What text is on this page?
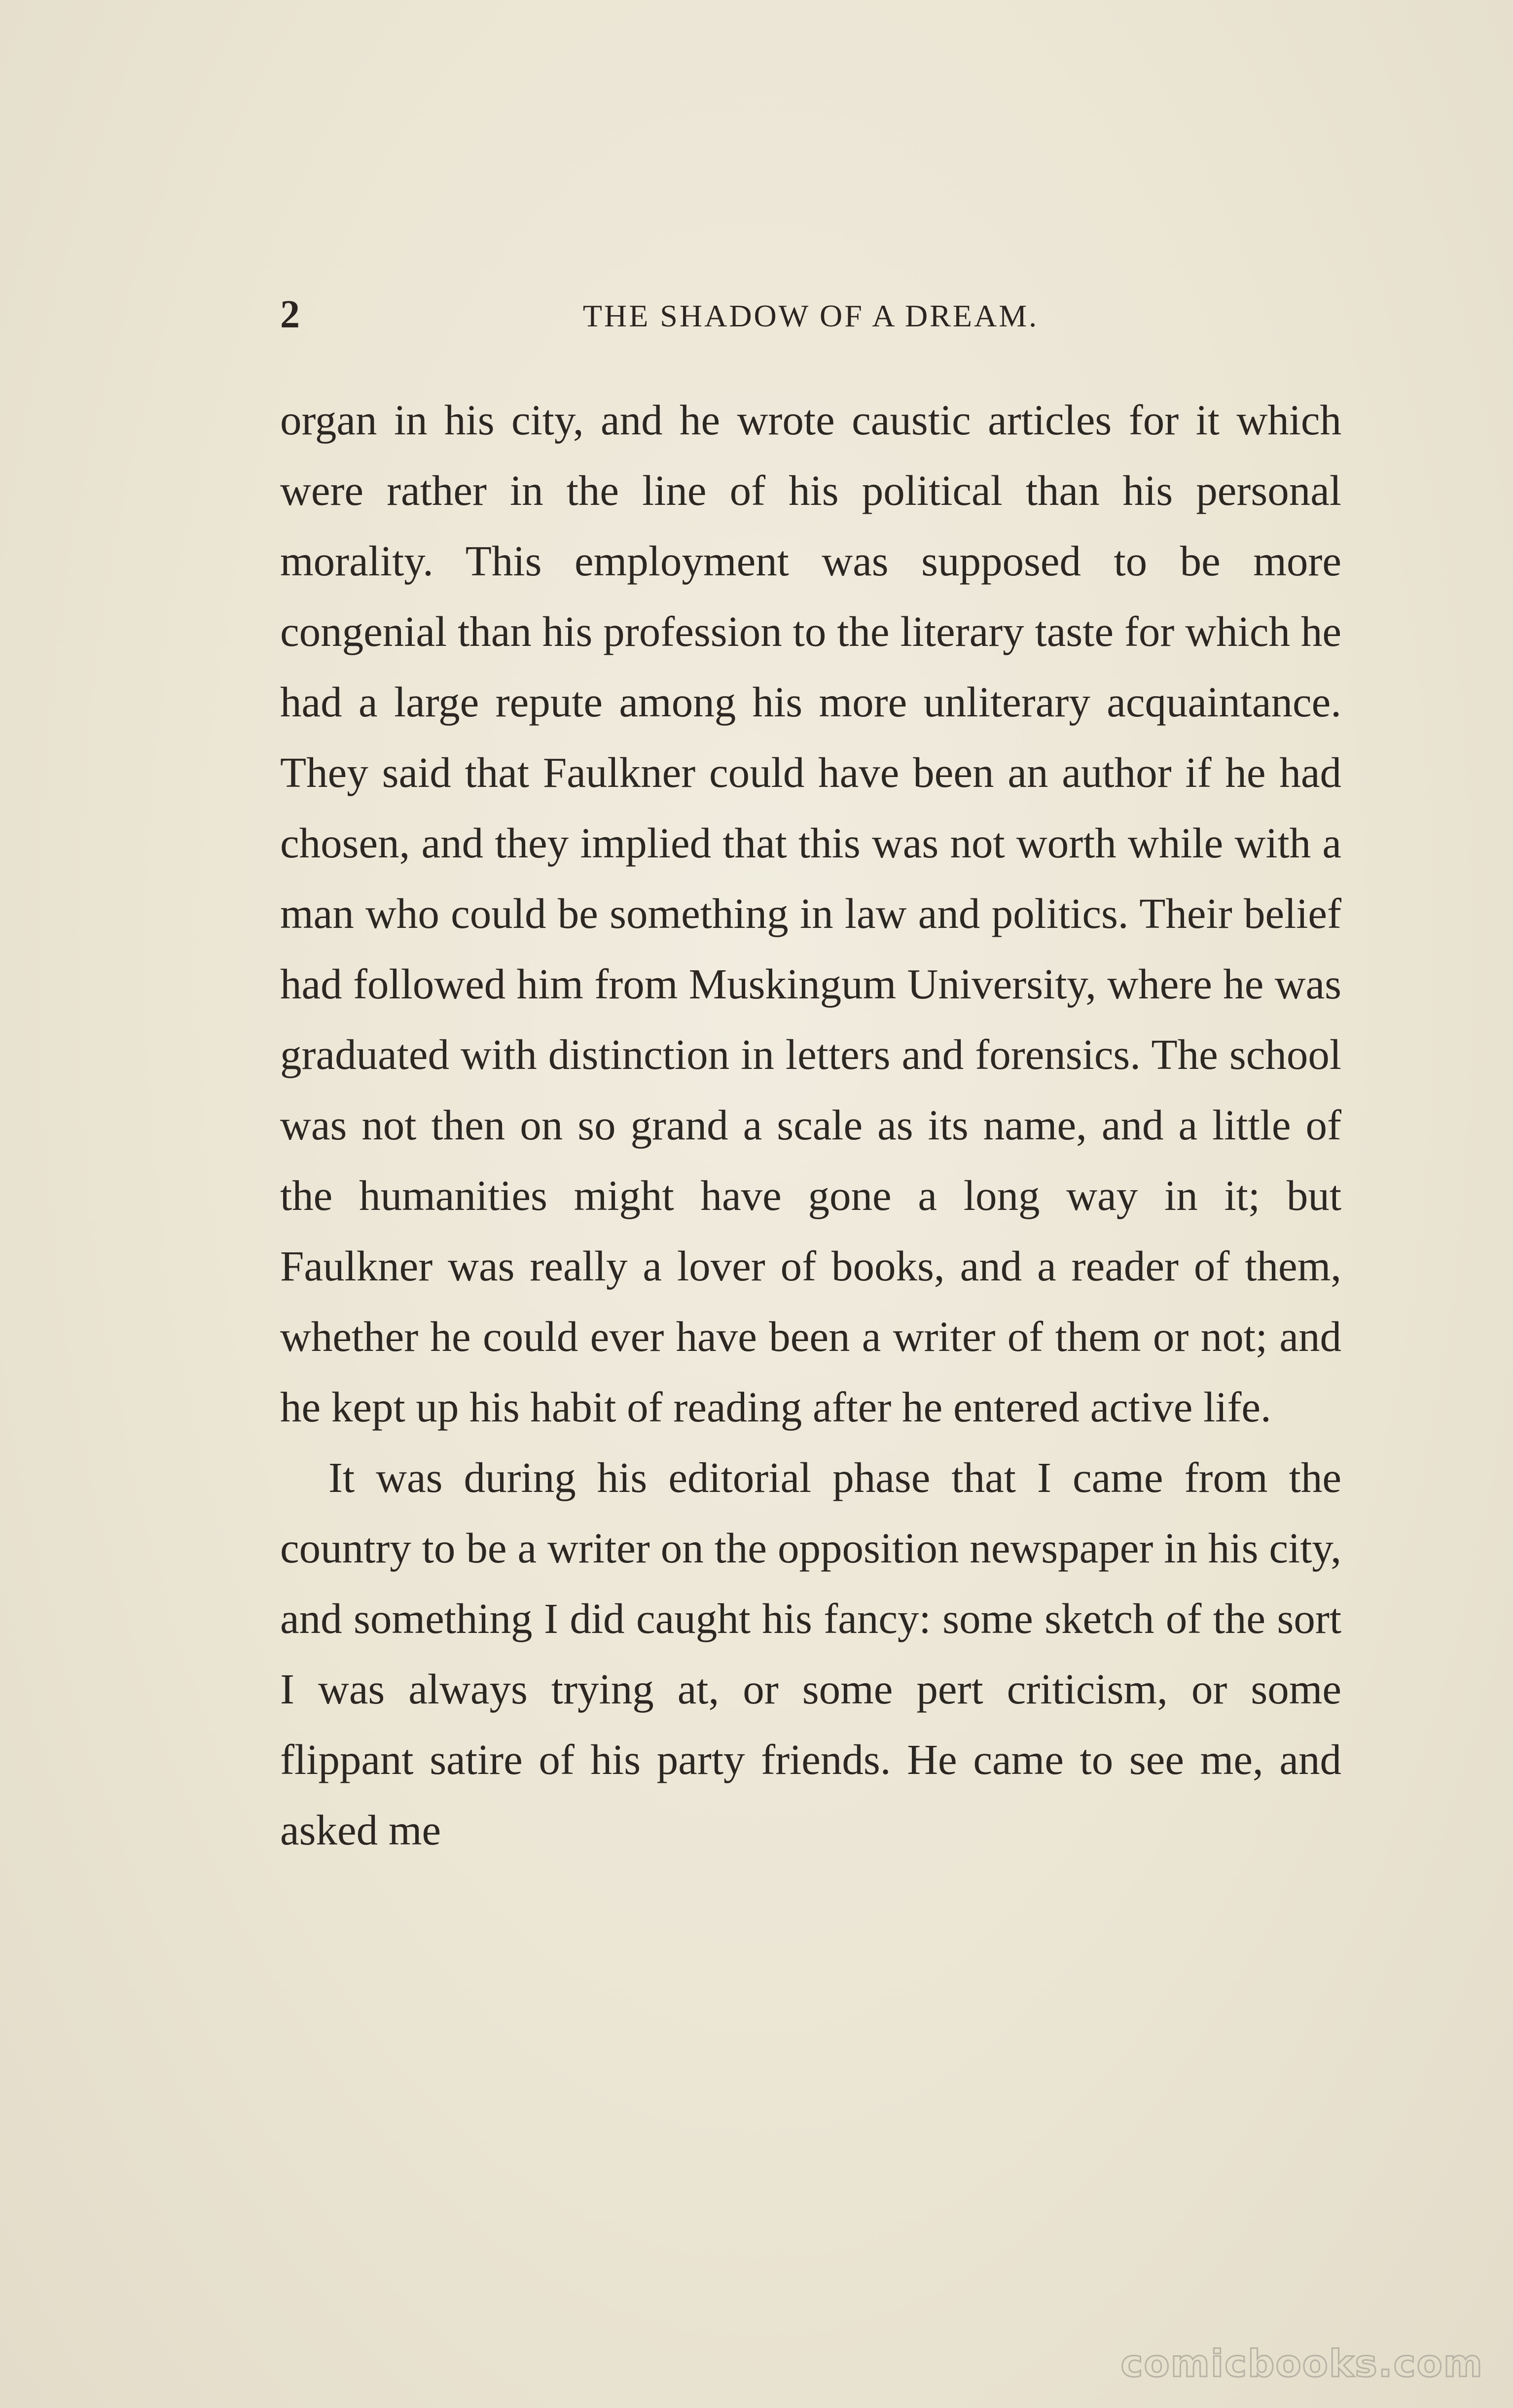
2	THE SHADOW OF A DREAM.

organ in his city, and he wrote caustic articles for it which were rather in the line of his political than his personal morality. This employment was supposed to be more congenial than his profession to the literary taste for which he had a large repute among his more unliterary acquaintance. They said that Faulkner could have been an author if he had chosen, and they implied that this was not worth while with a man who could be something in law and politics. Their belief had followed him from Muskingum University, where he was graduated with distinction in letters and forensics. The school was not then on so grand a scale as its name, and a little of the humanities might have gone a long way in it; but Faulkner was really a lover of books, and a reader of them, whether he could ever have been a writer of them or not; and he kept up his habit of reading after he entered active life.

It was during his editorial phase that I came from the country to be a writer on the opposition newspaper in his city, and something I did caught his fancy: some sketch of the sort I was always trying at, or some pert criticism, or some flippant satire of his party friends. He came to see me, and asked me

comicbooks.com
